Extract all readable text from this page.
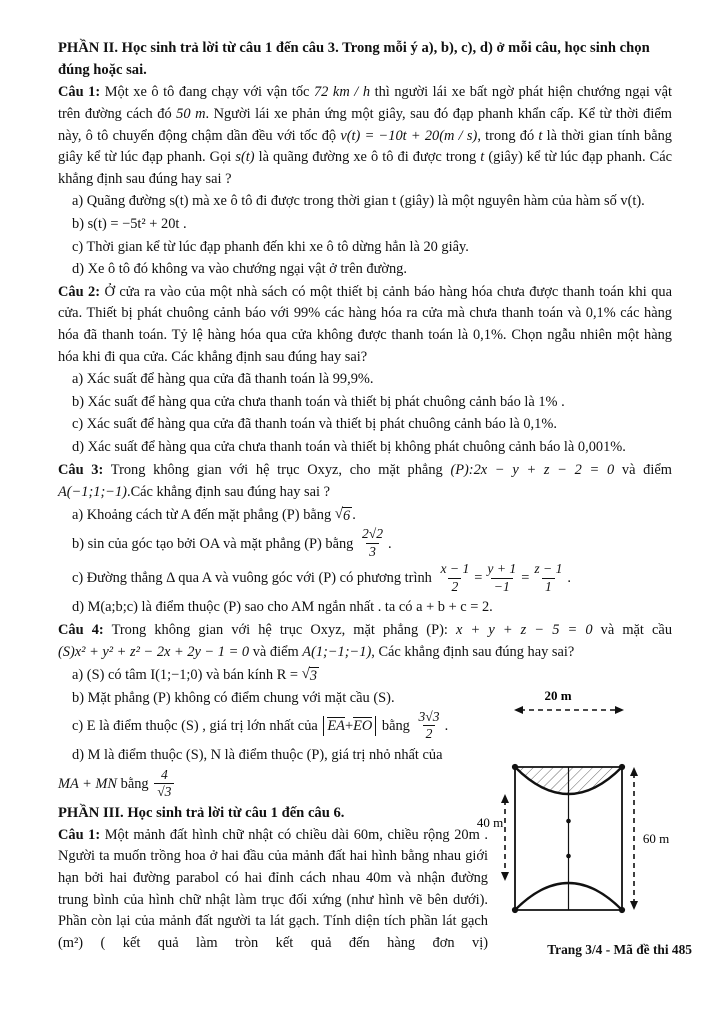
PHẦN II. Học sinh trả lời từ câu 1 đến câu 3. Trong mỗi ý a), b), c), d) ở mỗi câu, học sinh chọn
đúng hoặc sai.
Câu 1: Một xe ô tô đang chạy với vận tốc 72 km / h thì người lái xe bất ngờ phát hiện chướng ngại vật trên đường cách đó 50 m. Người lái xe phản ứng một giây, sau đó đạp phanh khẩn cấp. Kể từ thời điểm này, ô tô chuyển động chậm dần đều với tốc độ v(t) = −10t + 20(m / s), trong đó t là thời gian tính bằng giây kể từ lúc đạp phanh. Gọi s(t) là quãng đường xe ô tô đi được trong t (giây) kể từ lúc đạp phanh. Các khẳng định sau đúng hay sai ?
a) Quãng đường s(t) mà xe ô tô đi được trong thời gian t (giây) là một nguyên hàm của hàm số v(t).
b) s(t) = −5t² + 20t .
c) Thời gian kể từ lúc đạp phanh đến khi xe ô tô dừng hẳn là 20 giây.
d) Xe ô tô đó không va vào chướng ngại vật ở trên đường.
Câu 2: Ở cửa ra vào của một nhà sách có một thiết bị cảnh báo hàng hóa chưa được thanh toán khi qua cửa. Thiết bị phát chuông cảnh báo với 99% các hàng hóa ra cửa mà chưa thanh toán và 0,1% các hàng hóa đã thanh toán. Tỷ lệ hàng hóa qua cửa không được thanh toán là 0,1%. Chọn ngẫu nhiên một hàng hóa khi đi qua cửa. Các khẳng định sau đúng hay sai?
a) Xác suất để hàng qua cửa đã thanh toán là 99,9%.
b) Xác suất để hàng qua cửa chưa thanh toán và thiết bị phát chuông cảnh báo là 1% .
c) Xác suất để hàng qua cửa đã thanh toán và thiết bị phát chuông cảnh báo là 0,1%.
d) Xác suất để hàng qua cửa chưa thanh toán và thiết bị không phát chuông cảnh báo là 0,001%.
Câu 3: Trong không gian với hệ trục Oxyz, cho mặt phẳng (P):2x − y + z − 2 = 0 và điểm
A(−1;1;−1).Các khẳng định sau đúng hay sai ?
a) Khoảng cách từ A đến mặt phẳng (P) bằng √ 6 .
b) sin của góc tạo bởi OA và mặt phẳng (P) bằng $\frac{2√2}{3}$ .
c) Đường thẳng Δ qua A và vuông góc với (P) có phương trình $\frac{x - 1}{2} = \frac{y + 1}{-1} = \frac{z - 1}{1}$ .
d) M(a;b;c) là điểm thuộc (P) sao cho AM ngắn nhất . ta có a + b + c = 2.
Câu 4: Trong không gian với hệ trục Oxyz, mặt phẳng (P): x + y + z − 5 = 0 và mặt cầu
(S)x² + y² + z² − 2x + 2y − 1 = 0 và điểm A(1;−1;−1), Các khẳng định sau đúng hay sai?
a) (S) có tâm I(1;−1;0) và bán kính R = √ 3
b) Mặt phẳng (P) không có điểm chung với mặt cầu (S).
c) E là điểm thuộc (S) , giá trị lớn nhất của EA + EO bằng $\frac{3√3}{2}$ .
d) M là điểm thuộc (S), N là điểm thuộc (P), giá trị nhỏ nhất của
MA + MN bằng $\frac{4}{√3}$
PHẦN III. Học sinh trả lời từ câu 1 đến câu 6.
Câu 1: Một mảnh đất hình chữ nhật có chiều dài 60m, chiều rộng 20m . Người ta muốn trồng hoa ở hai đầu của mảnh đất hai hình bằng nhau giới hạn bởi hai đường parabol có hai đỉnh cách nhau 40m và nhận đường trung bình của hình chữ nhật làm trục đối xứng (như hình vẽ bên dưới). Phần còn lại của mảnh đất người ta lát gạch. Tính diện tích phần lát gạch (m²) ( kết quả làm tròn kết quả đến hàng đơn vị)
20 m
40 m
60 m
Trang 3/4 - Mã đề thi 485
